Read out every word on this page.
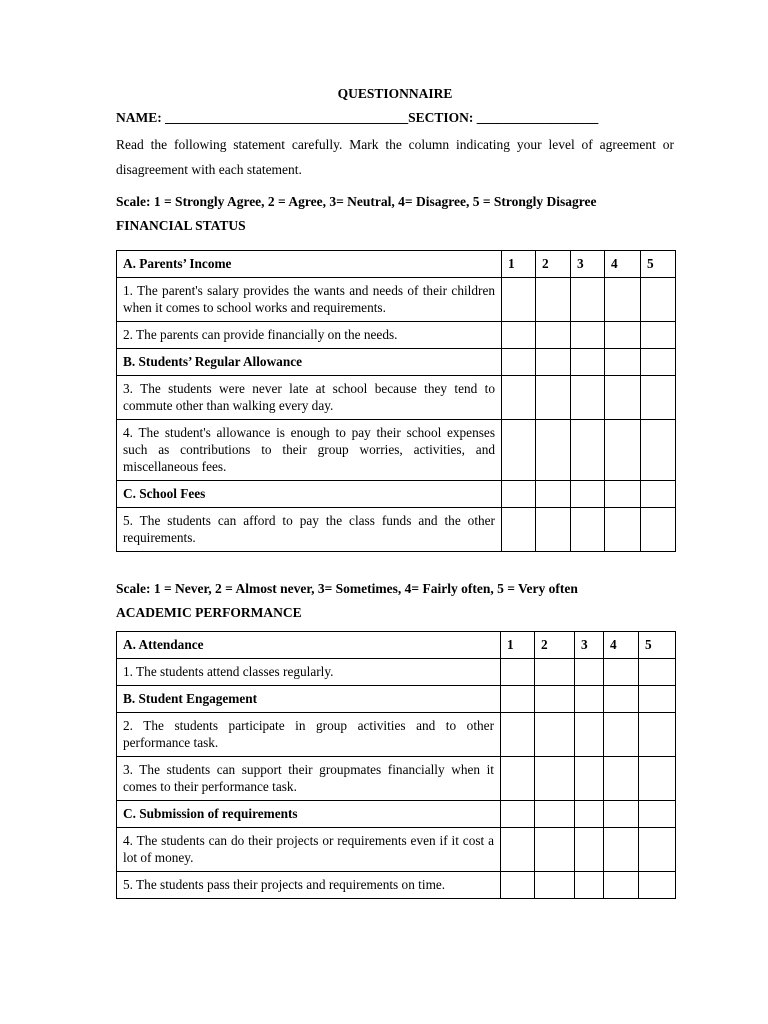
QUESTIONNAIRE

NAME: ____________________________________SECTION: __________________

Read the following statement carefully. Mark the column indicating your level of agreement or disagreement with each statement.

Scale: 1 = Strongly Agree, 2 = Agree, 3= Neutral, 4= Disagree, 5 = Strongly Disagree

FINANCIAL STATUS

A. Parents’ Income	1	2	3	4	5
1. The parent's salary provides the wants and needs of their children when it comes to school works and requirements.					
2. The parents can provide financially on the needs.					
B. Students’ Regular Allowance					
3. The students were never late at school because they tend to commute other than walking every day.					
4. The student's allowance is enough to pay their school expenses such as contributions to their group worries, activities, and miscellaneous fees.					
C. School Fees					
5. The students can afford to pay the class funds and the other requirements.					

Scale: 1 = Never, 2 = Almost never, 3= Sometimes, 4= Fairly often, 5 = Very often

ACADEMIC PERFORMANCE

A. Attendance	1	2	3	4	5
1. The students attend classes regularly.					
B. Student Engagement					
2. The students participate in group activities and to other performance task.					
3. The students can support their groupmates financially when it comes to their performance task.					
C. Submission of requirements					
4. The students can do their projects or requirements even if it cost a lot of money.					
5. The students pass their projects and requirements on time.					
